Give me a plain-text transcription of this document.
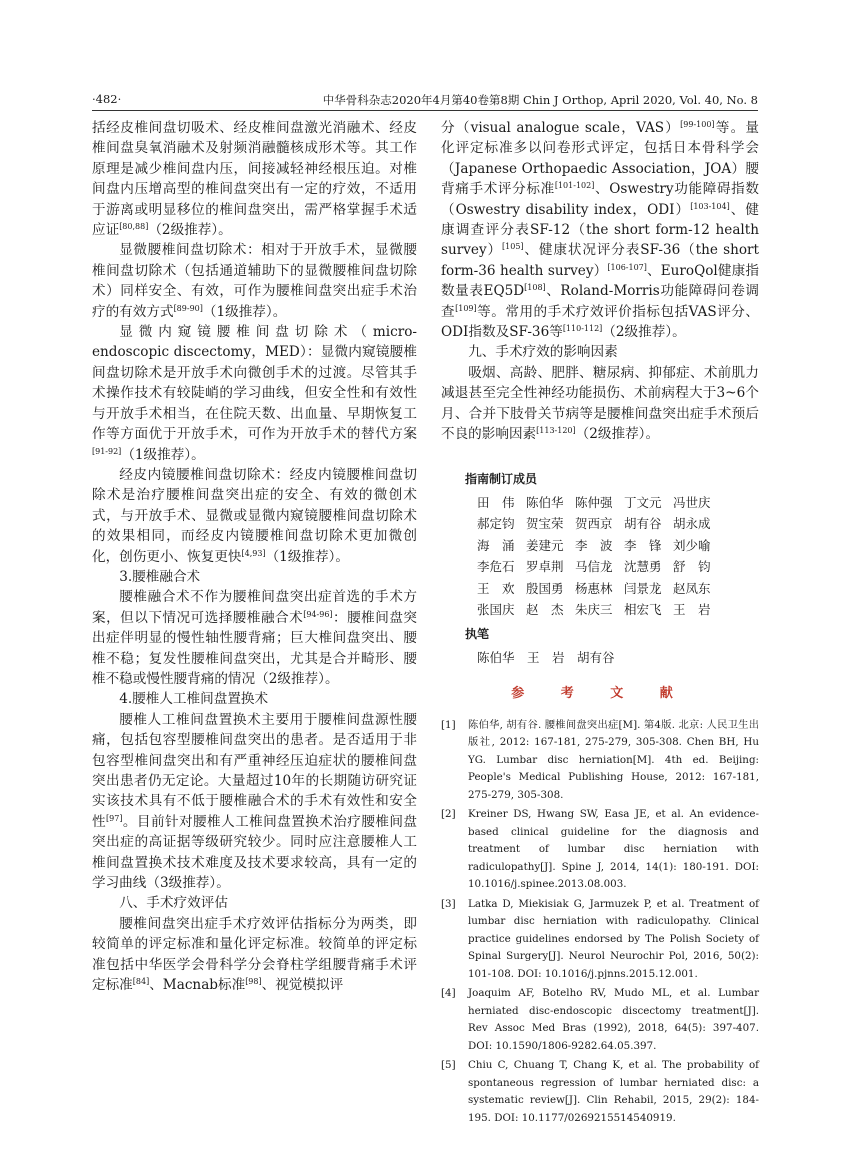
·482·	中华骨科杂志2020年4月第40卷第8期 Chin J Orthop, April 2020, Vol. 40, No. 8

括经皮椎间盘切吸术、经皮椎间盘激光消融术、经皮椎间盘臭氧消融术及射频消融髓核成形术等。其工作原理是减少椎间盘内压，间接减轻神经根压迫。对椎间盘内压增高型的椎间盘突出有一定的疗效，不适用于游离或明显移位的椎间盘突出，需严格掌握手术适应证[80,88]（2级推荐）。

显微腰椎间盘切除术：相对于开放手术，显微腰椎间盘切除术（包括通道辅助下的显微腰椎间盘切除术）同样安全、有效，可作为腰椎间盘突出症手术治疗的有效方式[89-90]（1级推荐）。

显微内窥镜腰椎间盘切除术（micro-endoscopic discectomy，MED）：显微内窥镜腰椎间盘切除术是开放手术向微创手术的过渡。尽管其手术操作技术有较陡峭的学习曲线，但安全性和有效性与开放手术相当，在住院天数、出血量、早期恢复工作等方面优于开放手术，可作为开放手术的替代方案[91-92]（1级推荐）。

经皮内镜腰椎间盘切除术：经皮内镜腰椎间盘切除术是治疗腰椎间盘突出症的安全、有效的微创术式，与开放手术、显微或显微内窥镜腰椎间盘切除术的效果相同，而经皮内镜腰椎间盘切除术更加微创化，创伤更小、恢复更快[4,93]（1级推荐）。

3.腰椎融合术

腰椎融合术不作为腰椎间盘突出症首选的手术方案，但以下情况可选择腰椎融合术[94-96]：腰椎间盘突出症伴明显的慢性轴性腰背痛；巨大椎间盘突出、腰椎不稳；复发性腰椎间盘突出，尤其是合并畸形、腰椎不稳或慢性腰背痛的情况（2级推荐）。

4.腰椎人工椎间盘置换术

腰椎人工椎间盘置换术主要用于腰椎间盘源性腰痛，包括包容型腰椎间盘突出的患者。是否适用于非包容型椎间盘突出和有严重神经压迫症状的腰椎间盘突出患者仍无定论。大量超过10年的长期随访研究证实该技术具有不低于腰椎融合术的手术有效性和安全性[97]。目前针对腰椎人工椎间盘置换术治疗腰椎间盘突出症的高证据等级研究较少。同时应注意腰椎人工椎间盘置换术技术难度及技术要求较高，具有一定的学习曲线（3级推荐）。

八、手术疗效评估

腰椎间盘突出症手术疗效评估指标分为两类，即较简单的评定标准和量化评定标准。较简单的评定标准包括中华医学会骨科学分会脊柱学组腰背痛手术评定标准[84]、Macnab标准[98]、视觉模拟评

分（visual analogue scale，VAS）[99-100]等。量化评定标准多以问卷形式评定，包括日本骨科学会（Japanese Orthopaedic Association，JOA）腰背痛手术评分标准[101-102]、Oswestry功能障碍指数（Oswestry disability index，ODI）[103-104]、健康调查评分表SF-12（the short form-12 health survey）[105]、健康状况评分表SF-36（the short form-36 health survey）[106-107]、EuroQol健康指数量表EQ5D[108]、Roland-Morris功能障碍问卷调查[109]等。常用的手术疗效评价指标包括VAS评分、ODI指数及SF-36等[110-112]（2级推荐）。

九、手术疗效的影响因素

吸烟、高龄、肥胖、糖尿病、抑郁症、术前肌力减退甚至完全性神经功能损伤、术前病程大于3~6个月、合并下肢骨关节病等是腰椎间盘突出症手术预后不良的影响因素[113-120]（2级推荐）。

指南制订成员
田　伟 陈伯华 陈仲强 丁文元 冯世庆
郝定钧 贺宝荣 贺西京 胡有谷 胡永成
海　涌 姜建元 李　波 李　锋 刘少喻
李危石 罗卓荆 马信龙 沈慧勇 舒　钧
王　欢 殷国勇 杨惠林 闫景龙 赵凤东
张国庆 赵　杰 朱庆三 相宏飞 王　岩
执笔
陈伯华　王　岩　胡有谷
参 考 文 献
[1] 陈伯华, 胡有谷. 腰椎间盘突出症[M]. 第4版. 北京: 人民卫生出版社, 2012: 167-181, 275-279, 305-308. Chen BH, Hu YG. Lumbar disc herniation[M]. 4th ed. Beijing: People's Medical Publishing House, 2012: 167-181, 275-279, 305-308.
[2] Kreiner DS, Hwang SW, Easa JE, et al. An evidence-based clinical guideline for the diagnosis and treatment of lumbar disc herniation with radiculopathy[J]. Spine J, 2014, 14(1): 180-191. DOI: 10.1016/j.spinee.2013.08.003.
[3] Latka D, Miekisiak G, Jarmuzek P, et al. Treatment of lumbar disc herniation with radiculopathy. Clinical practice guidelines endorsed by The Polish Society of Spinal Surgery[J]. Neurol Neurochir Pol, 2016, 50(2): 101-108. DOI: 10.1016/j.pjnns.2015.12.001.
[4] Joaquim AF, Botelho RV, Mudo ML, et al. Lumbar herniated disc-endoscopic discectomy treatment[J]. Rev Assoc Med Bras (1992), 2018, 64(5): 397-407. DOI: 10.1590/1806-9282.64.05.397.
[5] Chiu C, Chuang T, Chang K, et al. The probability of spontaneous regression of lumbar herniated disc: a systematic review[J]. Clin Rehabil, 2015, 29(2): 184-195. DOI: 10.1177/0269215514540919.
